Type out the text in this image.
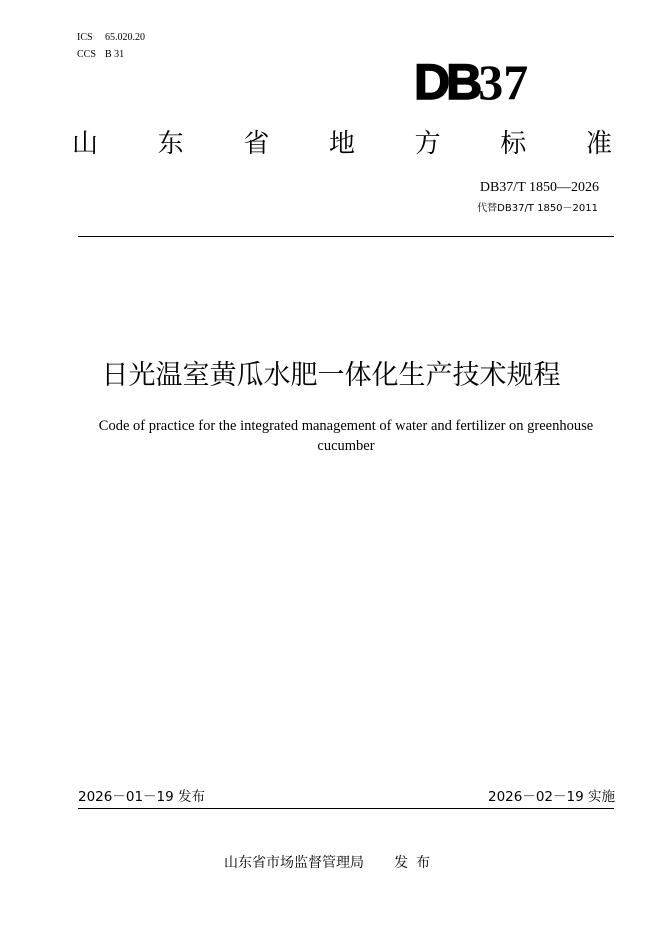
ICS 65.020.20
CCS B 31	DB37
山 东 省 地 方 标 准
DB37/T 1850—2026
代替DB37/T 1850－2011
日光温室黄瓜水肥一体化生产技术规程
Code of practice for the integrated management of water and fertilizer on greenhouse cucumber
2026－01－19 发布	2026－02－19 实施
山东省市场监督管理局 发布
